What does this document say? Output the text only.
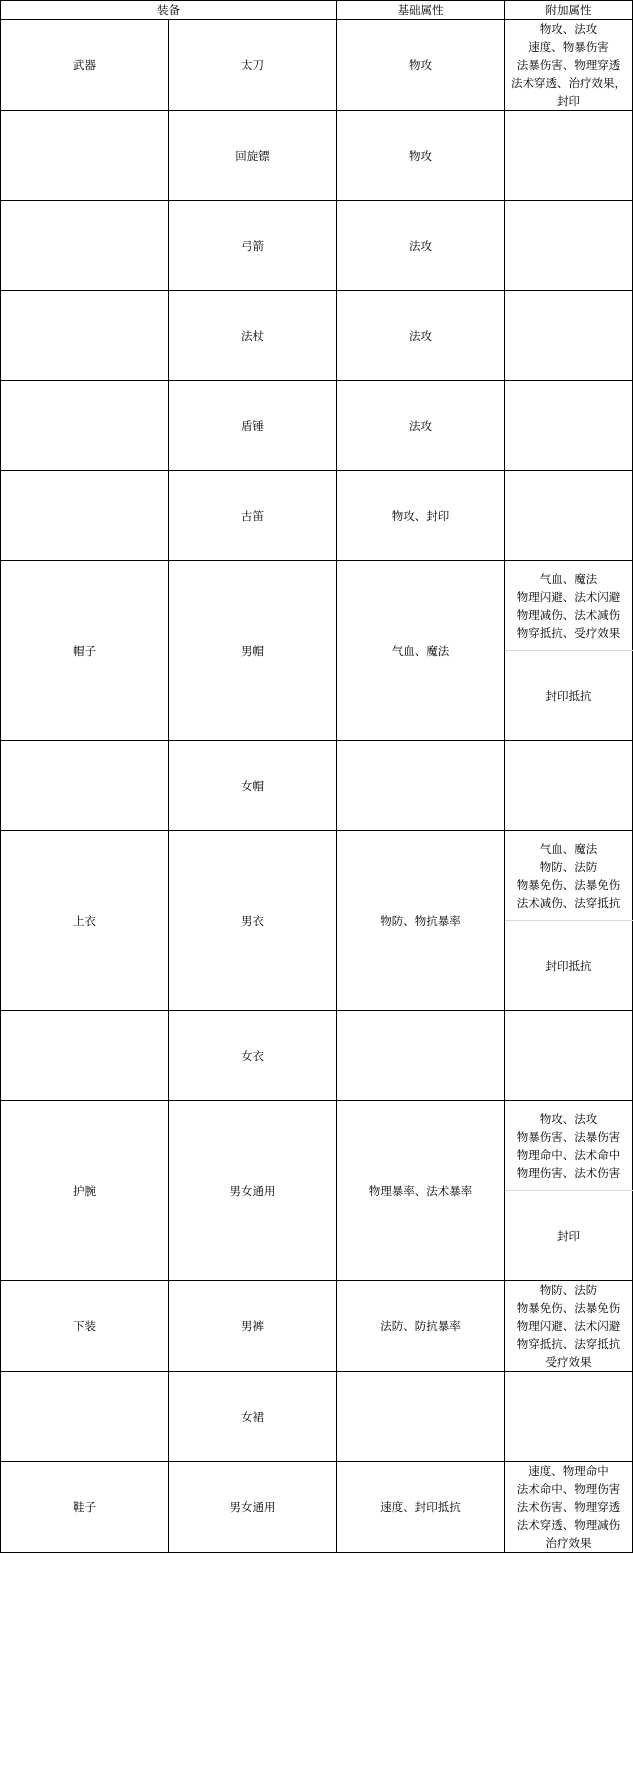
装备		基础属性	附加属性
武器	太刀	物攻	物攻、法攻
速度、物暴伤害
法暴伤害、物理穿透
法术穿透、治疗效果，
封印

	回旋镖	物攻	
	弓箭	法攻	
	法杖	法攻	
	盾锤	法攻	
	古笛	物攻、封印	
帽子	男帽	气血、魔法	气血、魔法
物理闪避、法术闪避
物理减伤、法术减伤
物穿抵抗、受疗效果

			封印抵抗

	女帽		
上衣	男衣	物防、物抗暴率	气血、魔法
物防、法防
物暴免伤、法暴免伤
法术减伤、法穿抵抗

			封印抵抗

	女衣		
护腕	男女通用	物理暴率、法术暴率	物攻、法攻
物暴伤害、法暴伤害
物理命中、法术命中
物理伤害、法术伤害

			封印

下装	男裤	法防、防抗暴率	物防、法防
物暴免伤、法暴免伤
物理闪避、法术闪避
物穿抵抗、法穿抵抗
受疗效果

	女裙		
鞋子	男女通用	速度、封印抵抗	速度、物理命中
法术命中、物理伤害
法术伤害、物理穿透
法术穿透、物理减伤
治疗效果
